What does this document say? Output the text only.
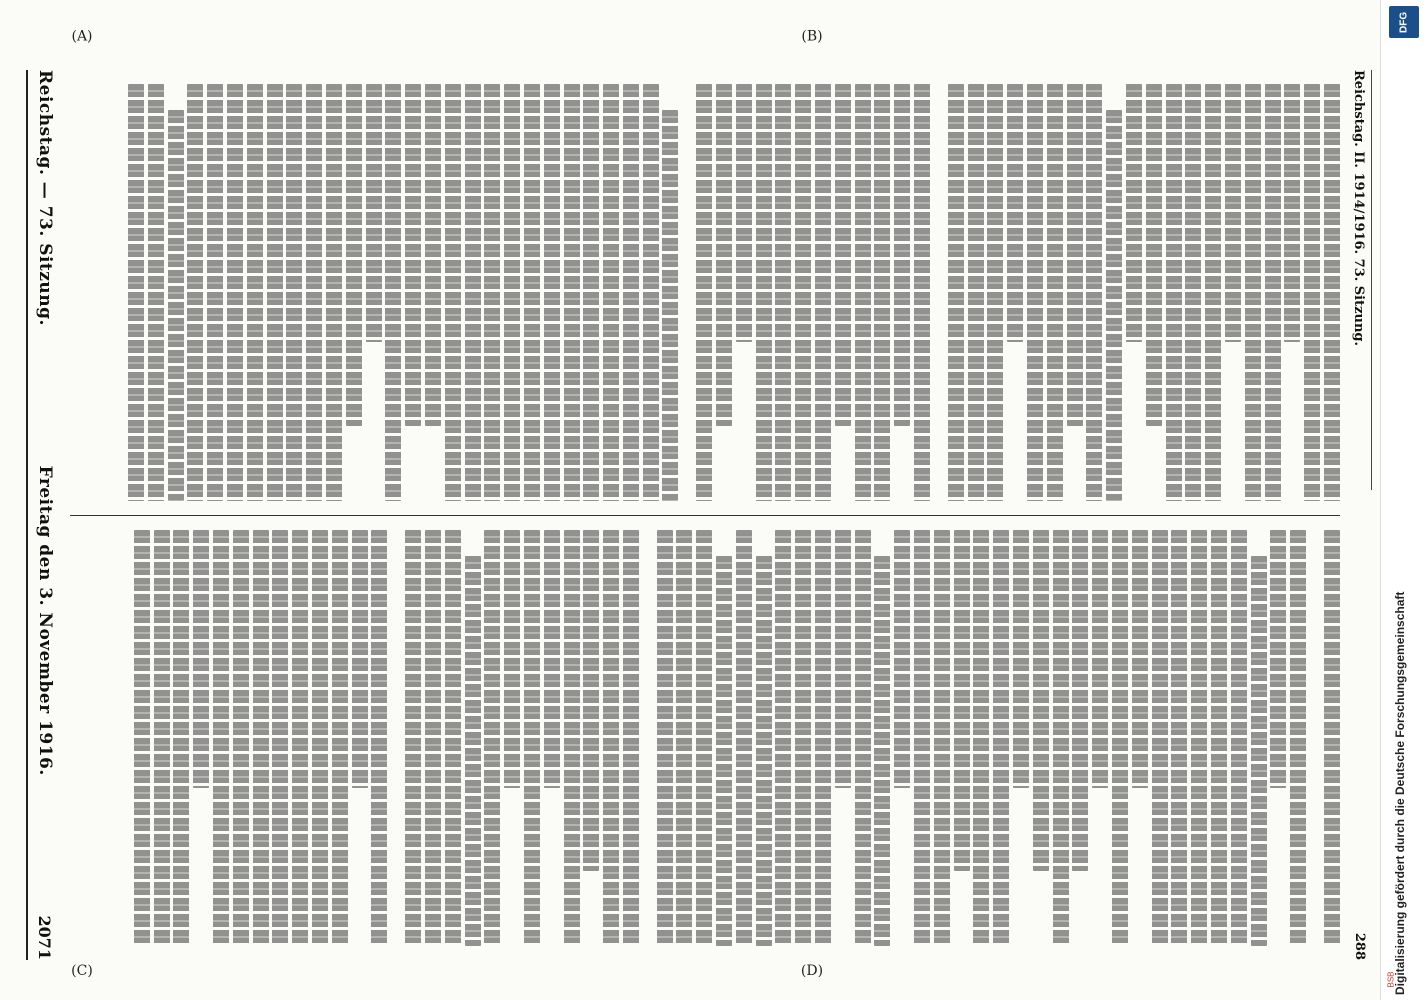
Reichstag. — 73. Sitzung.
Freitag den 3. November 1916.
2071
(A)	(B)
(C)	(D)
Reichstag. II. 1914/1916. 73. Sitzung.
288
DFG
Digitalisierung gefördert durch die Deutsche Forschungsgemeinschaft
BSB
